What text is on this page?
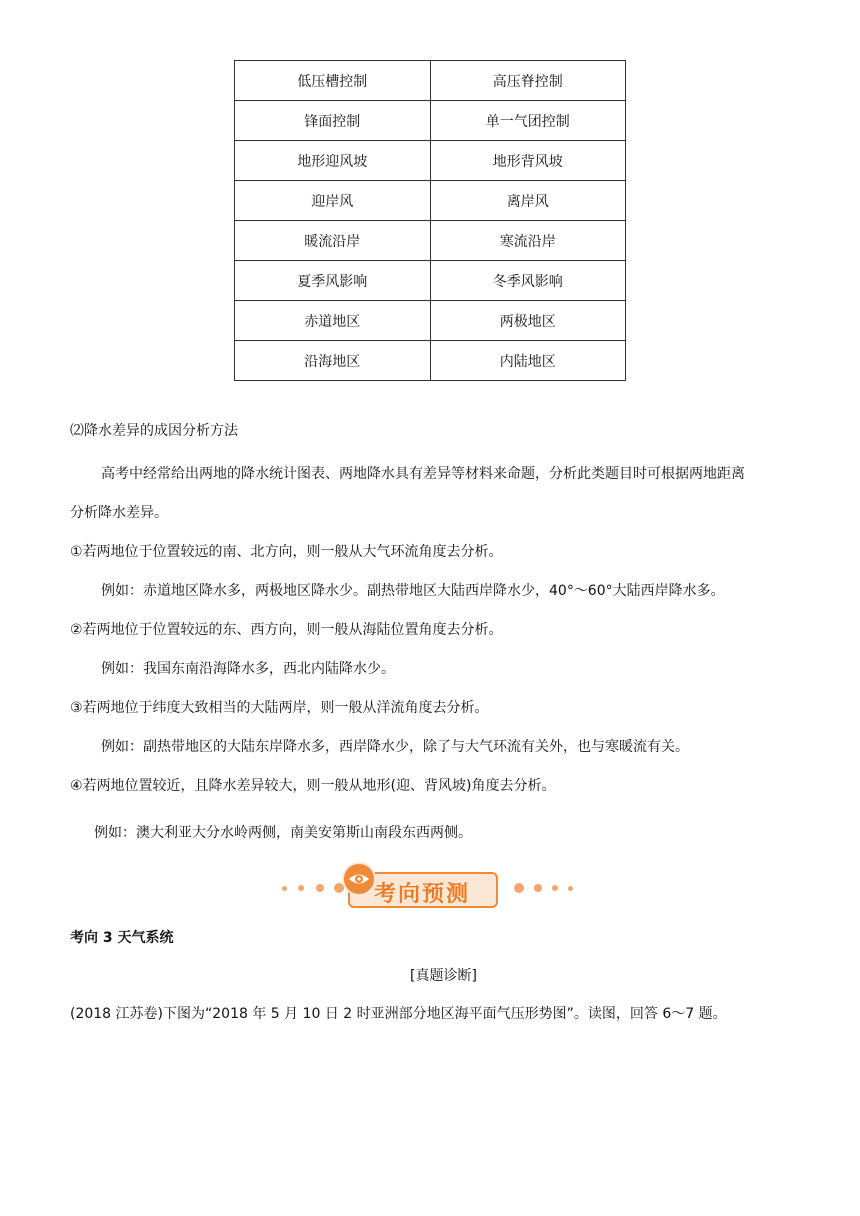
低压槽控制	高压脊控制
锋面控制	单一气团控制
地形迎风坡	地形背风坡
迎岸风	离岸风
暖流沿岸	寒流沿岸
夏季风影响	冬季风影响
赤道地区	两极地区
沿海地区	内陆地区
⑵降水差异的成因分析方法
高考中经常给出两地的降水统计图表、两地降水具有差异等材料来命题，分析此类题目时可根据两地距离
分析降水差异。
①若两地位于位置较远的南、北方向，则一般从大气环流角度去分析。
例如：赤道地区降水多，两极地区降水少。副热带地区大陆西岸降水少，40°～60°大陆西岸降水多。
②若两地位于位置较远的东、西方向，则一般从海陆位置角度去分析。
例如：我国东南沿海降水多，西北内陆降水少。
③若两地位于纬度大致相当的大陆两岸，则一般从洋流角度去分析。
例如：副热带地区的大陆东岸降水多，西岸降水少，除了与大气环流有关外，也与寒暖流有关。
④若两地位置较近，且降水差异较大，则一般从地形(迎、背风坡)角度去分析。
例如：澳大利亚大分水岭两侧，南美安第斯山南段东西两侧。
考向预测
考向 3 天气系统
[真题诊断]
(2018 江苏卷)下图为“2018 年 5 月 10 日 2 时亚洲部分地区海平面气压形势图”。读图，回答 6～7 题。
